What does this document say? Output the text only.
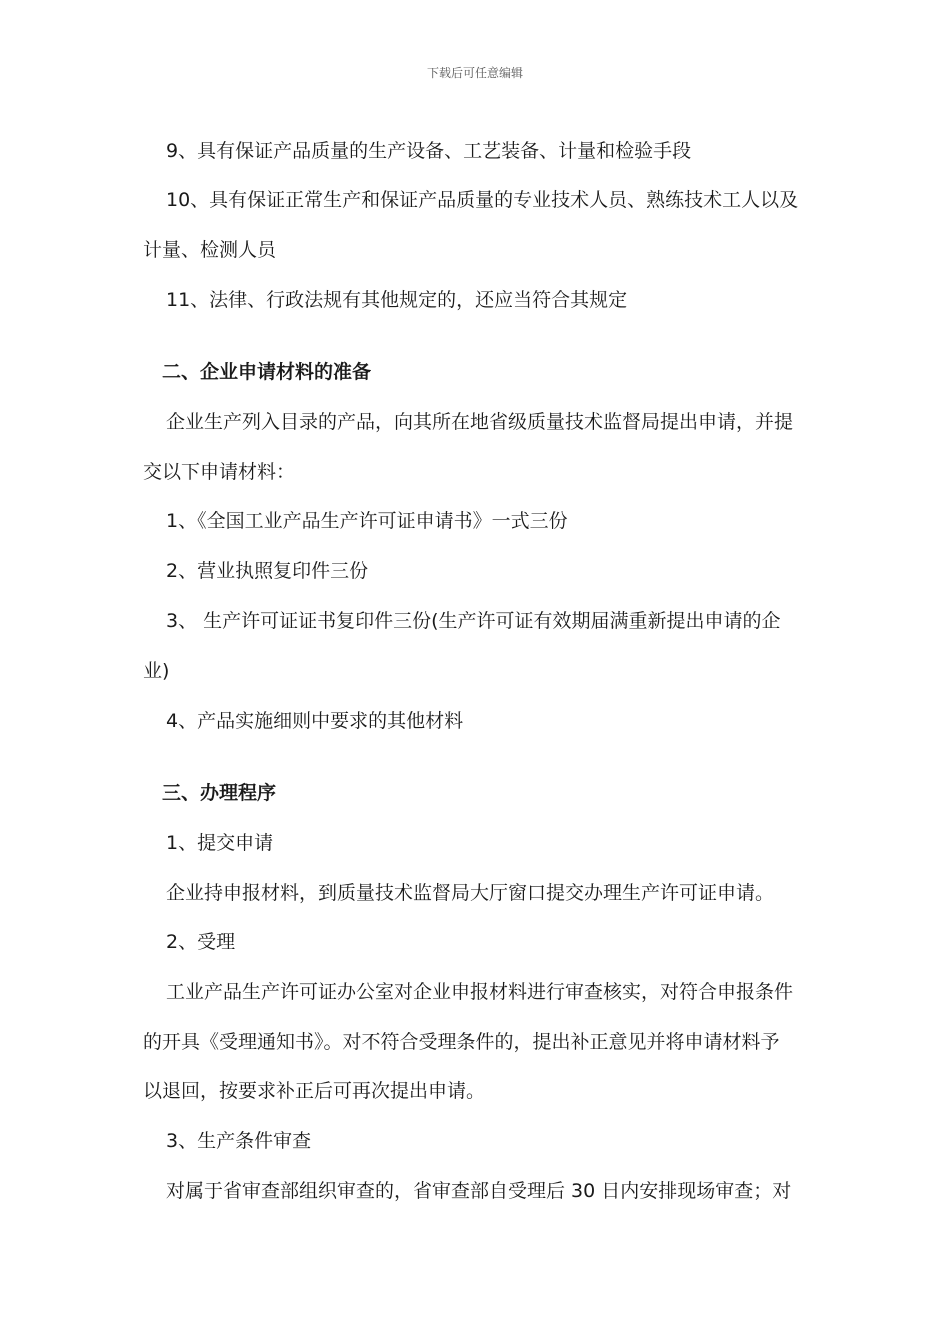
下载后可任意编辑
9、具有保证产品质量的生产设备、工艺装备、计量和检验手段
10、具有保证正常生产和保证产品质量的专业技术人员、熟练技术工人以及
计量、检测人员
11、法律、行政法规有其他规定的，还应当符合其规定
二、企业申请材料的准备
企业生产列入目录的产品，向其所在地省级质量技术监督局提出申请，并提
交以下申请材料：
1、《全国工业产品生产许可证申请书》一式三份
2、营业执照复印件三份
3、 生产许可证证书复印件三份(生产许可证有效期届满重新提出申请的企
业)
4、产品实施细则中要求的其他材料
三、办理程序
1、提交申请
企业持申报材料，到质量技术监督局大厅窗口提交办理生产许可证申请。
2、受理
工业产品生产许可证办公室对企业申报材料进行审查核实，对符合申报条件
的开具《受理通知书》。对不符合受理条件的，提出补正意见并将申请材料予
以退回，按要求补正后可再次提出申请。
3、生产条件审查
对属于省审查部组织审查的，省审查部自受理后 30 日内安排现场审查；对
